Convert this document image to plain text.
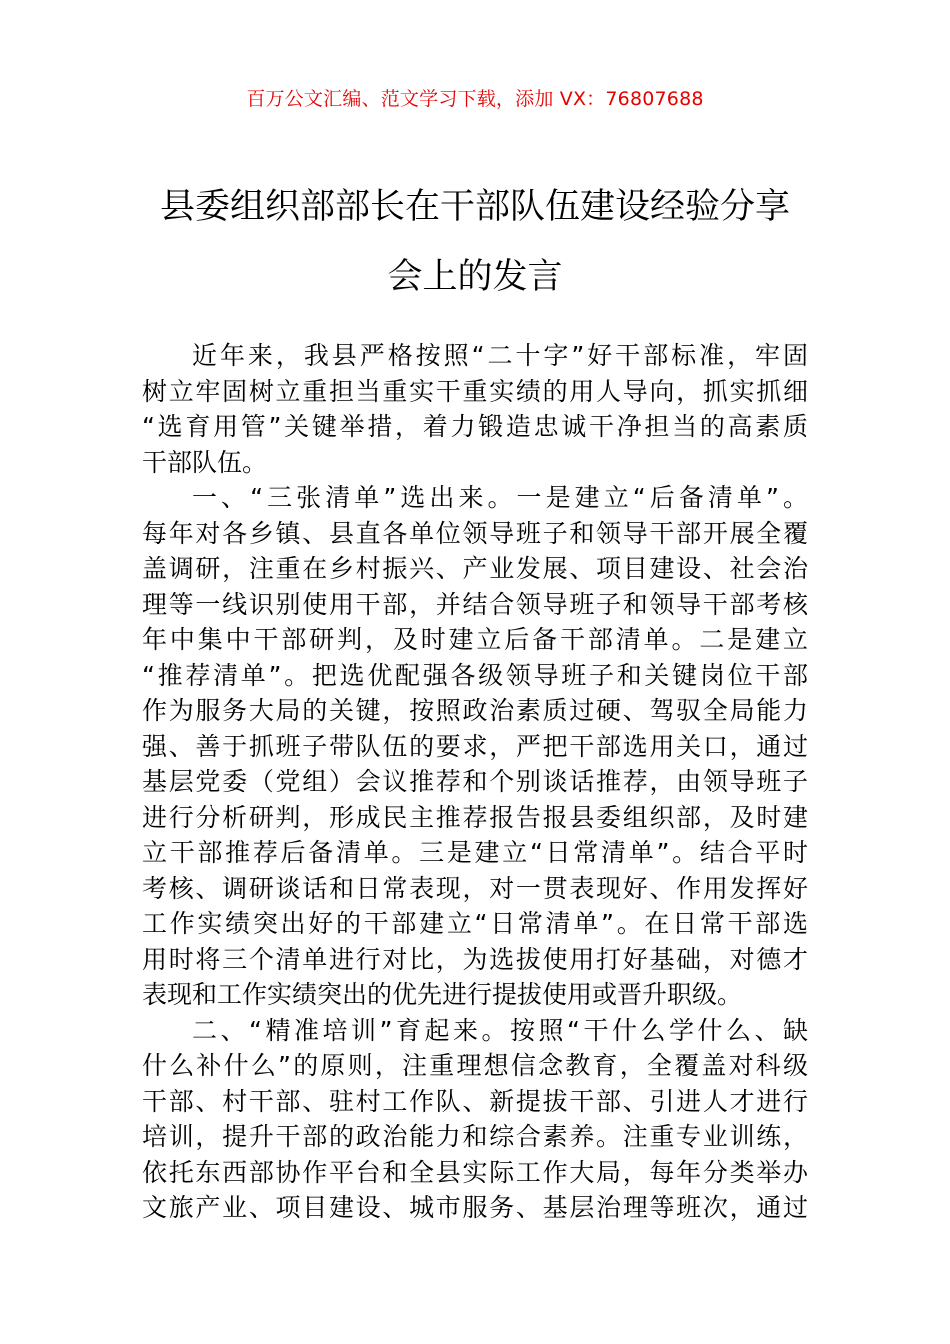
百万公文汇编、范文学习下载，添加 VX：76807688
县委组织部部长在干部队伍建设经验分享
会上的发言
近年来，我县严格按照“二十字”好干部标准，牢固
树立牢固树立重担当重实干重实绩的用人导向，抓实抓细
“选育用管”关键举措，着力锻造忠诚干净担当的高素质
干部队伍。
一、“三张清单”选出来。一是建立“后备清单”。
每年对各乡镇、县直各单位领导班子和领导干部开展全覆
盖调研，注重在乡村振兴、产业发展、项目建设、社会治
理等一线识别使用干部，并结合领导班子和领导干部考核
年中集中干部研判，及时建立后备干部清单。二是建立
“推荐清单”。把选优配强各级领导班子和关键岗位干部
作为服务大局的关键，按照政治素质过硬、驾驭全局能力
强、善于抓班子带队伍的要求，严把干部选用关口，通过
基层党委（党组）会议推荐和个别谈话推荐，由领导班子
进行分析研判，形成民主推荐报告报县委组织部，及时建
立干部推荐后备清单。三是建立“日常清单”。结合平时
考核、调研谈话和日常表现，对一贯表现好、作用发挥好
工作实绩突出好的干部建立“日常清单”。在日常干部选
用时将三个清单进行对比，为选拔使用打好基础，对德才
表现和工作实绩突出的优先进行提拔使用或晋升职级。
二、“精准培训”育起来。按照“干什么学什么、缺
什么补什么”的原则，注重理想信念教育，全覆盖对科级
干部、村干部、驻村工作队、新提拔干部、引进人才进行
培训，提升干部的政治能力和综合素养。注重专业训练，
依托东西部协作平台和全县实际工作大局，每年分类举办
文旅产业、项目建设、城市服务、基层治理等班次，通过
